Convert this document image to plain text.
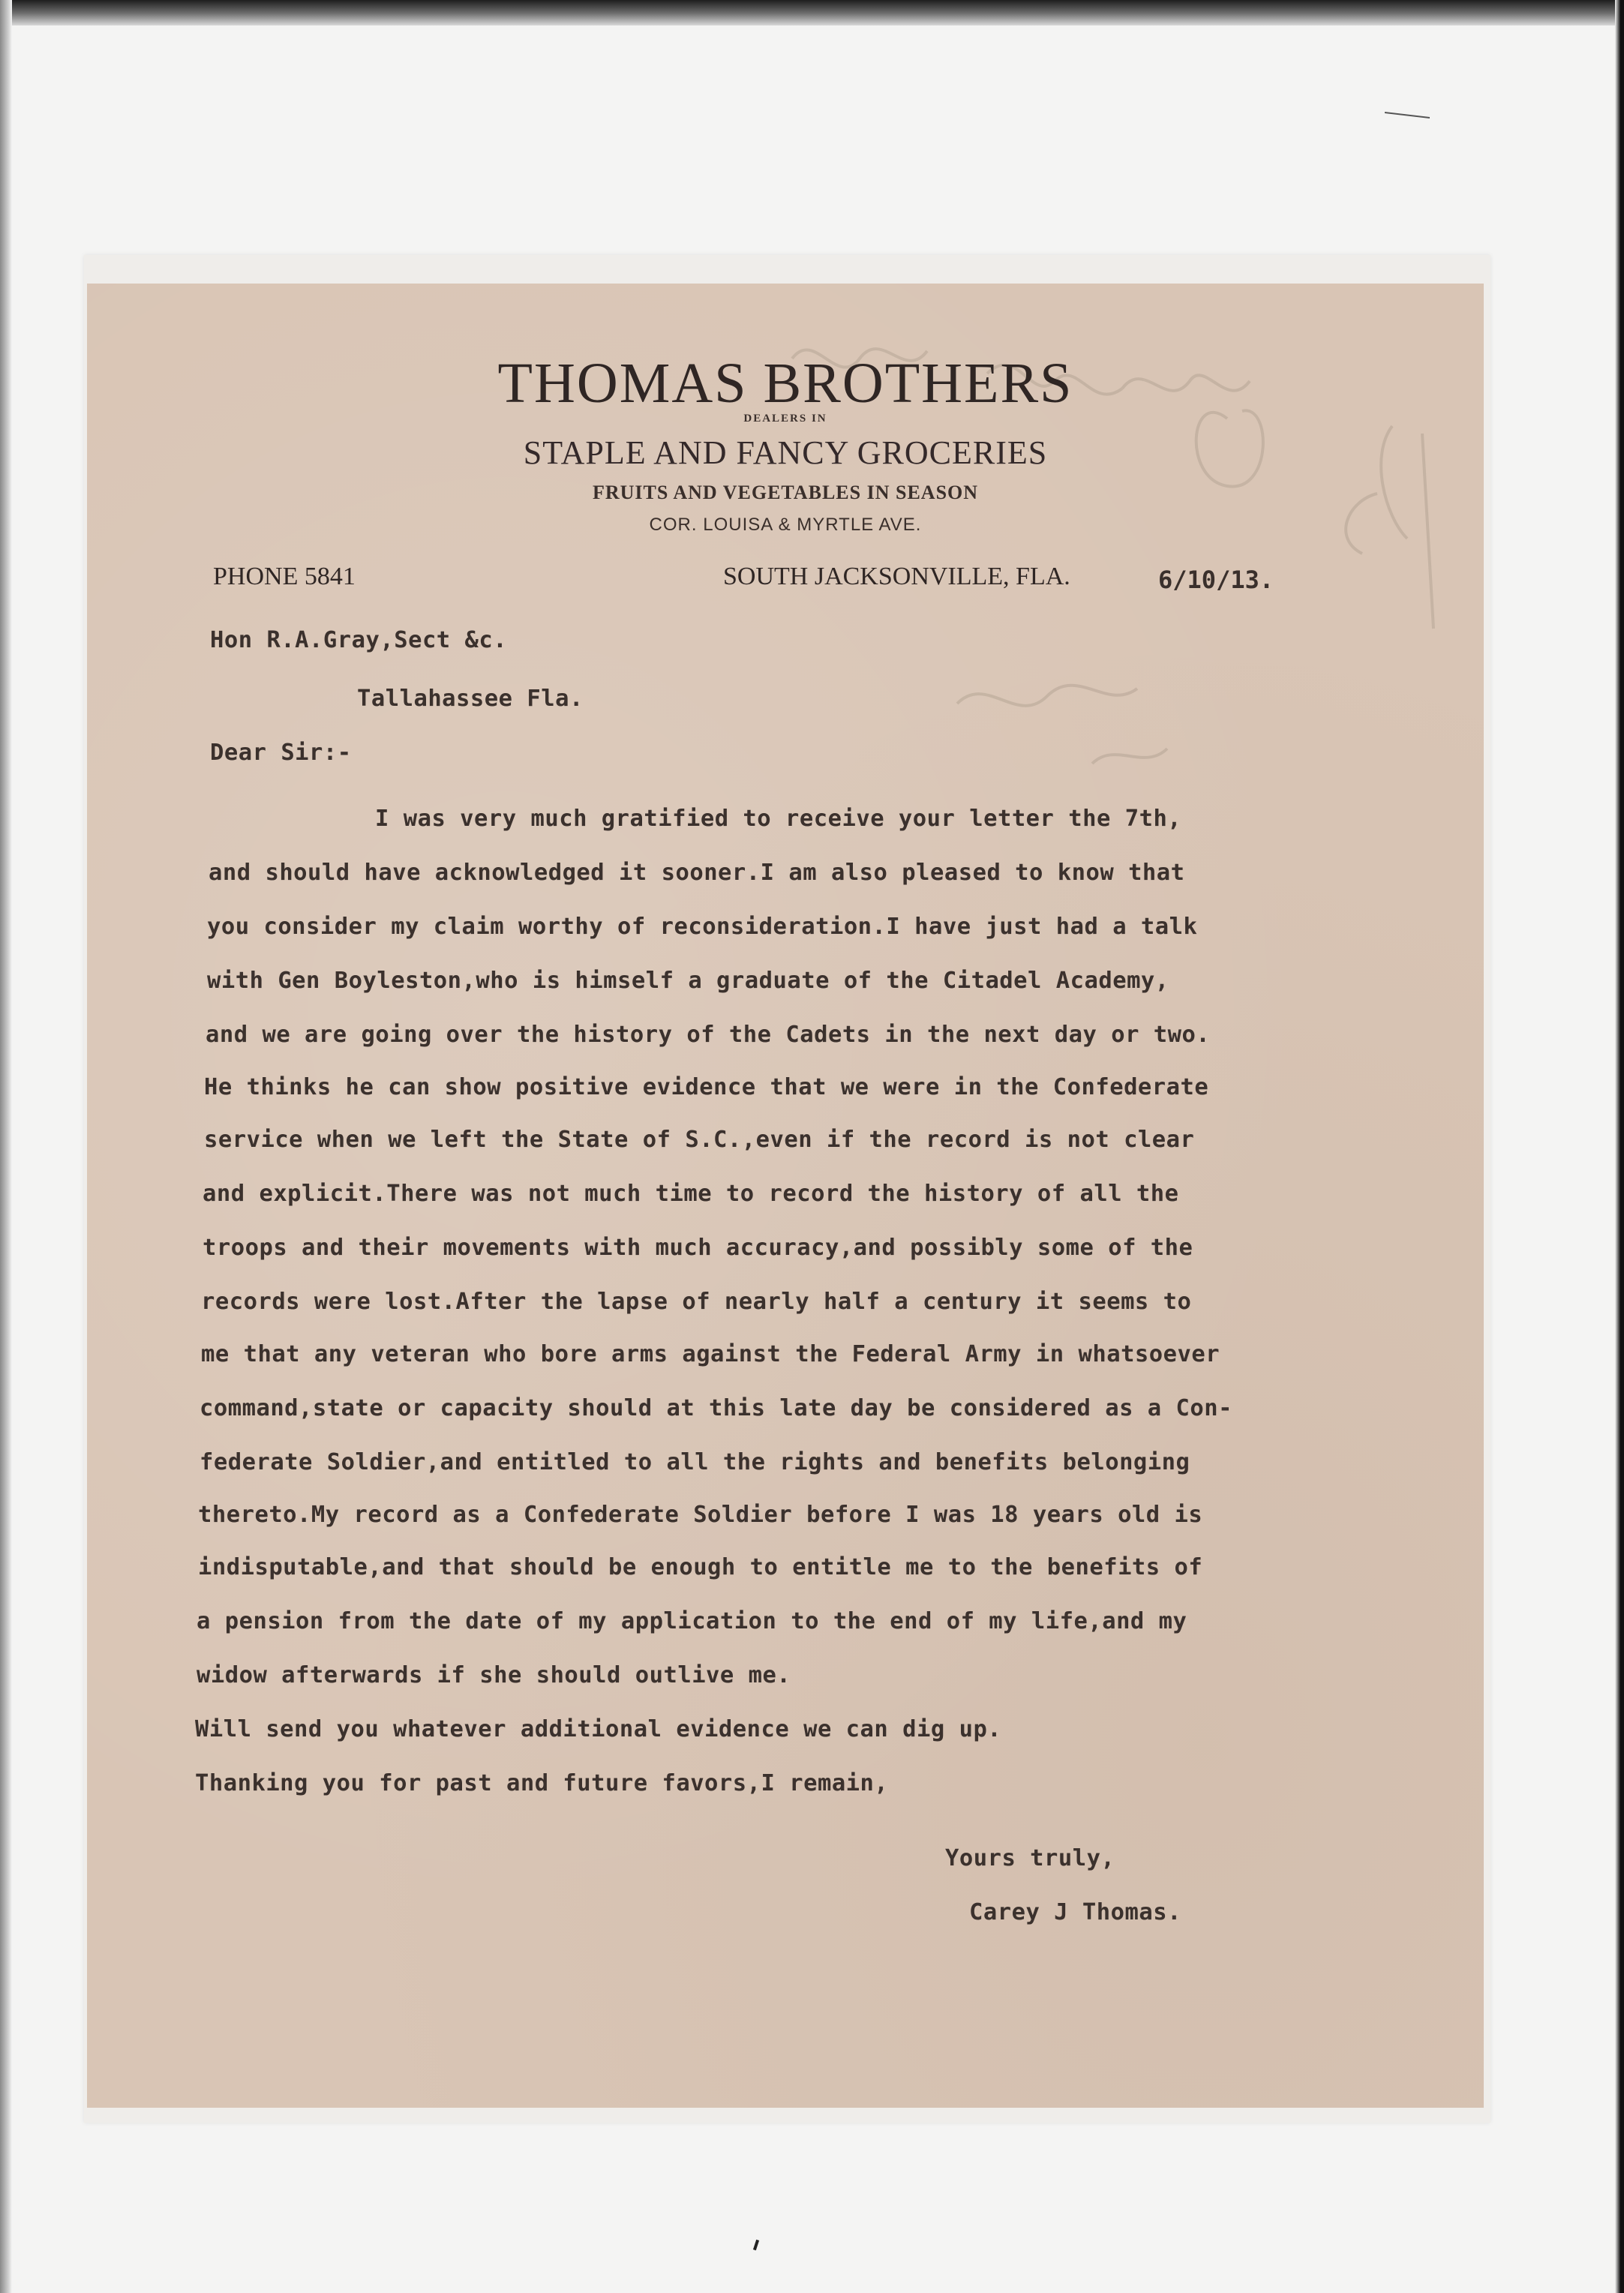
THOMAS BROTHERS
DEALERS IN
STAPLE AND FANCY GROCERIES
FRUITS AND VEGETABLES IN SEASON
COR. LOUISA & MYRTLE AVE.
PHONE 5841	SOUTH JACKSONVILLE, FLA.	6/10/13.
Hon R.A.Gray,Sect &c.
Tallahassee Fla.
Dear Sir:-
I was very much gratified to receive your letter the 7th,
and should have acknowledged it sooner.I am also pleased to know that
you consider my claim worthy of reconsideration.I have just had a talk
with Gen Boyleston,who is himself a graduate of the Citadel Academy,
and we are going over the history of the Cadets in the next day or two.
He thinks he can show positive evidence that we were in the Confederate
service when we left the State of S.C.,even if the record is not clear
and explicit.There was not much time to record the history of all the
troops and their movements with much accuracy,and possibly some of the
records were lost.After the lapse of nearly half a century it seems to
me that any veteran who bore arms against the Federal Army in whatsoever
command,state or capacity should at this late day be considered as a Con-
federate Soldier,and entitled to all the rights and benefits belonging
thereto.My record as a Confederate Soldier before I was 18 years old is
indisputable,and that should be enough to entitle me to the benefits of
a pension from the date of my application to the end of my life,and my
widow afterwards if she should outlive me.
Will send you whatever additional evidence we can dig up.
Thanking you for past and future favors,I remain,
Yours truly,
Carey J Thomas.
